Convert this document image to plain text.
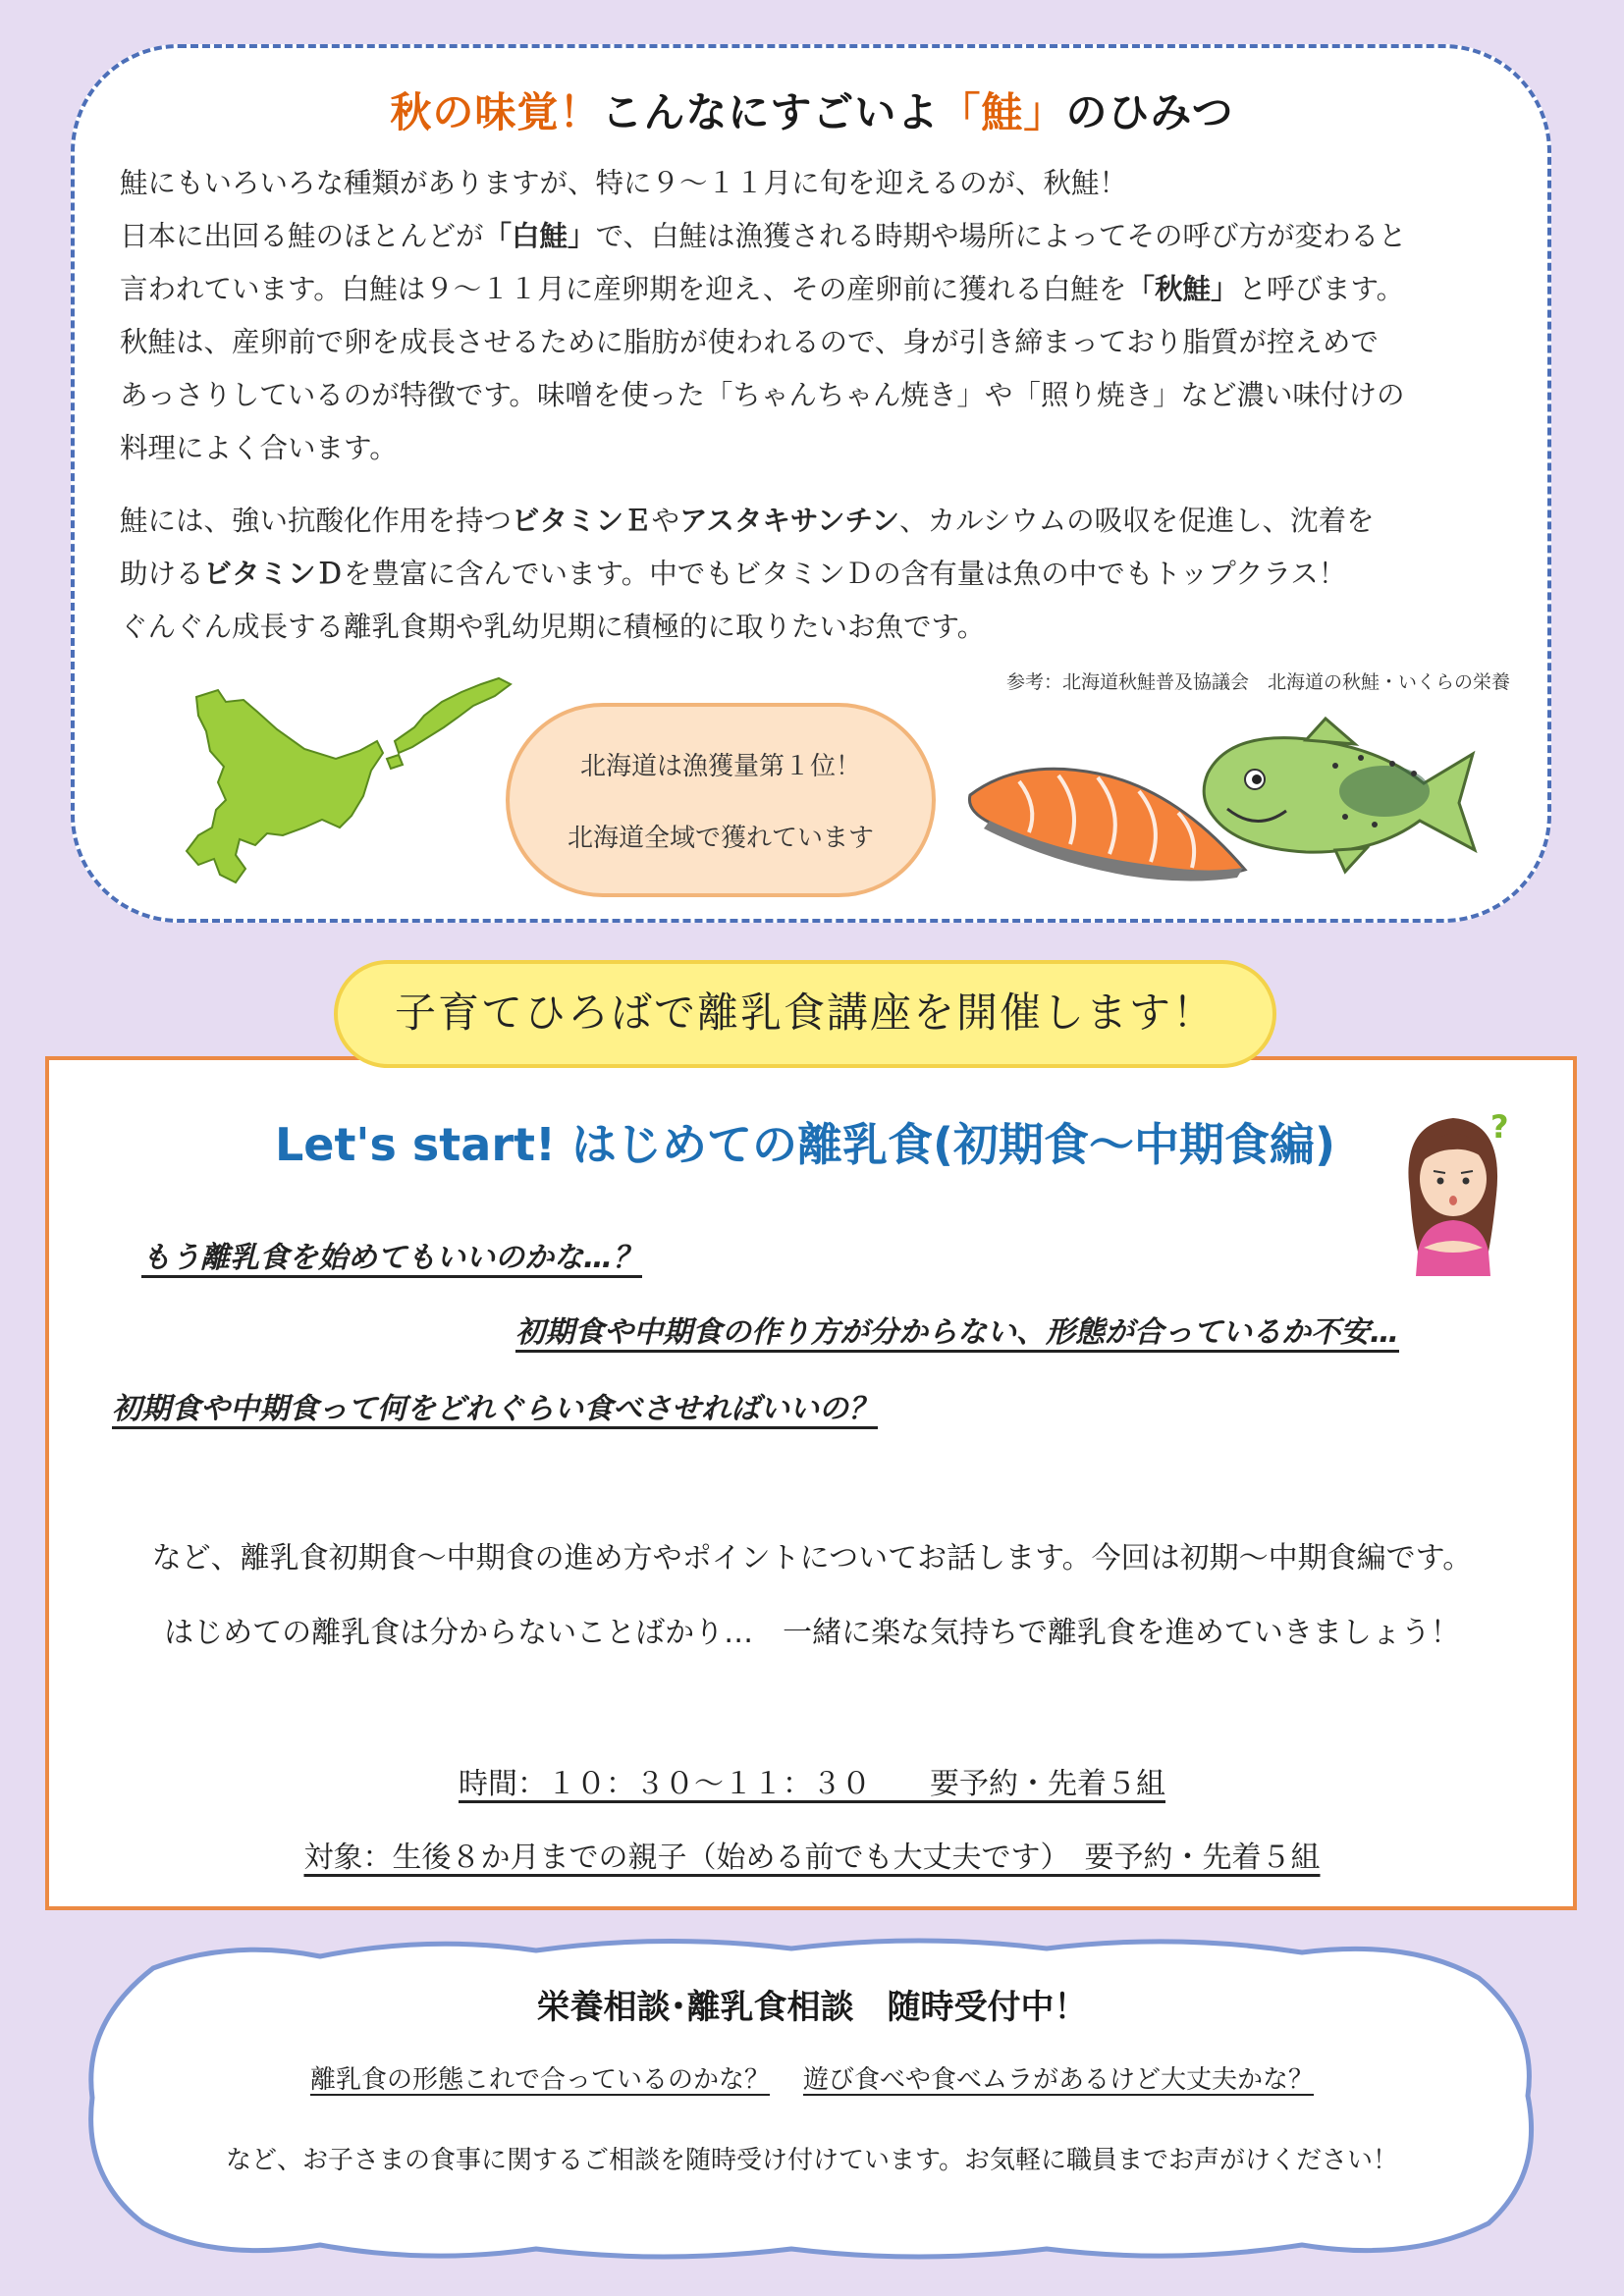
秋の味覚！こんなにすごいよ「鮭」のひみつ

鮭にもいろいろな種類がありますが、特に９～１１月に旬を迎えるのが、秋鮭！
日本に出回る鮭のほとんどが「白鮭」で、白鮭は漁獲される時期や場所によってその呼び方が変わると
言われています。白鮭は９～１１月に産卵期を迎え、その産卵前に獲れる白鮭を「秋鮭」と呼びます。
秋鮭は、産卵前で卵を成長させるために脂肪が使われるので、身が引き締まっており脂質が控えめで
あっさりしているのが特徴です。味噌を使った「ちゃんちゃん焼き」や「照り焼き」など濃い味付けの
料理によく合います。

鮭には、強い抗酸化作用を持つビタミンＥやアスタキサンチン、カルシウムの吸収を促進し、沈着を
助けるビタミンＤを豊富に含んでいます。中でもビタミンＤの含有量は魚の中でもトップクラス！
ぐんぐん成長する離乳食期や乳幼児期に積極的に取りたいお魚です。

参考：北海道秋鮭普及協議会　北海道の秋鮭・いくらの栄養
北海道は漁獲量第１位！
北海道全域で獲れています
子育てひろばで離乳食講座を開催します！
Let's start! はじめての離乳食(初期食～中期食編)	?
もう離乳食を始めてもいいのかな…？
初期食や中期食の作り方が分からない、形態が合っているか不安…
初期食や中期食って何をどれぐらい食べさせればいいの？
など、離乳食初期食～中期食の進め方やポイントについてお話します。今回は初期～中期食編です。
はじめての離乳食は分からないことばかり…　一緒に楽な気持ちで離乳食を進めていきましょう！
時間：１０：３０～１１：３０　　要予約・先着５組
対象：生後８か月までの親子（始める前でも大丈夫です）　要予約・先着５組
栄養相談･離乳食相談　随時受付中！
離乳食の形態これで合っているのかな？ 遊び食べや食べムラがあるけど大丈夫かな？
など、お子さまの食事に関するご相談を随時受け付けています。お気軽に職員までお声がけください！
